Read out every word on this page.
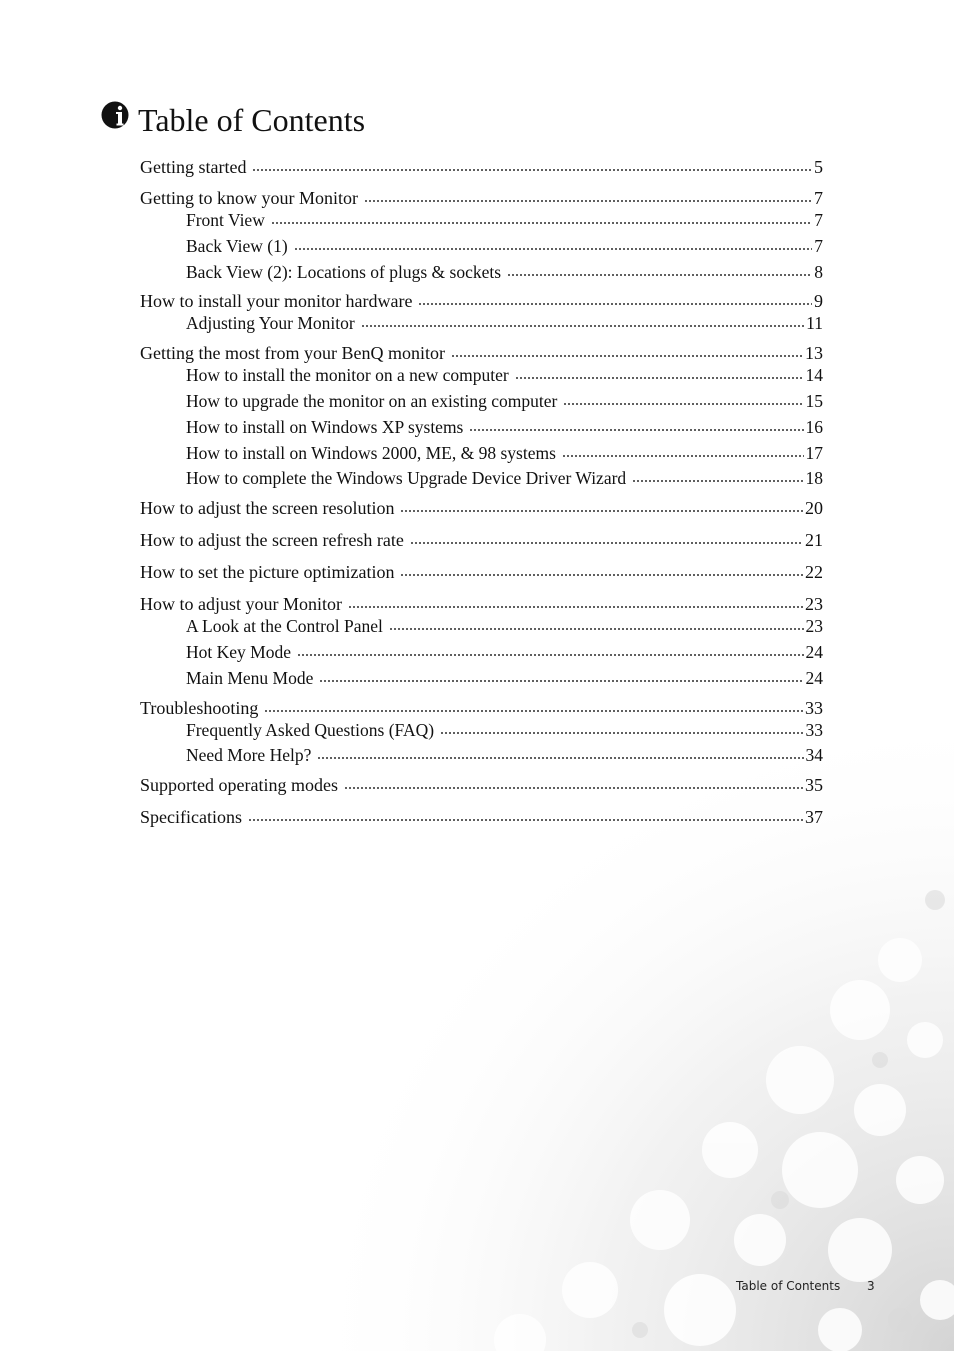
Table of Contents
Getting started	5
Getting to know your Monitor	7
Front View	7
Back View (1)	7
Back View (2): Locations of plugs & sockets	8
How to install your monitor hardware	9
Adjusting Your Monitor	11
Getting the most from your BenQ monitor	13
How to install the monitor on a new computer	14
How to upgrade the monitor on an existing computer	15
How to install on Windows XP systems	16
How to install on Windows 2000, ME, & 98 systems	17
How to complete the Windows Upgrade Device Driver Wizard	18
How to adjust the screen resolution	20
How to adjust the screen refresh rate	21
How to set the picture optimization	22
How to adjust your Monitor	23
A Look at the Control Panel	23
Hot Key Mode	24
Main Menu Mode	24
Troubleshooting	33
Frequently Asked Questions (FAQ)	33
Need More Help?	34
Supported operating modes	35
Specifications	37
Table of Contents 3
